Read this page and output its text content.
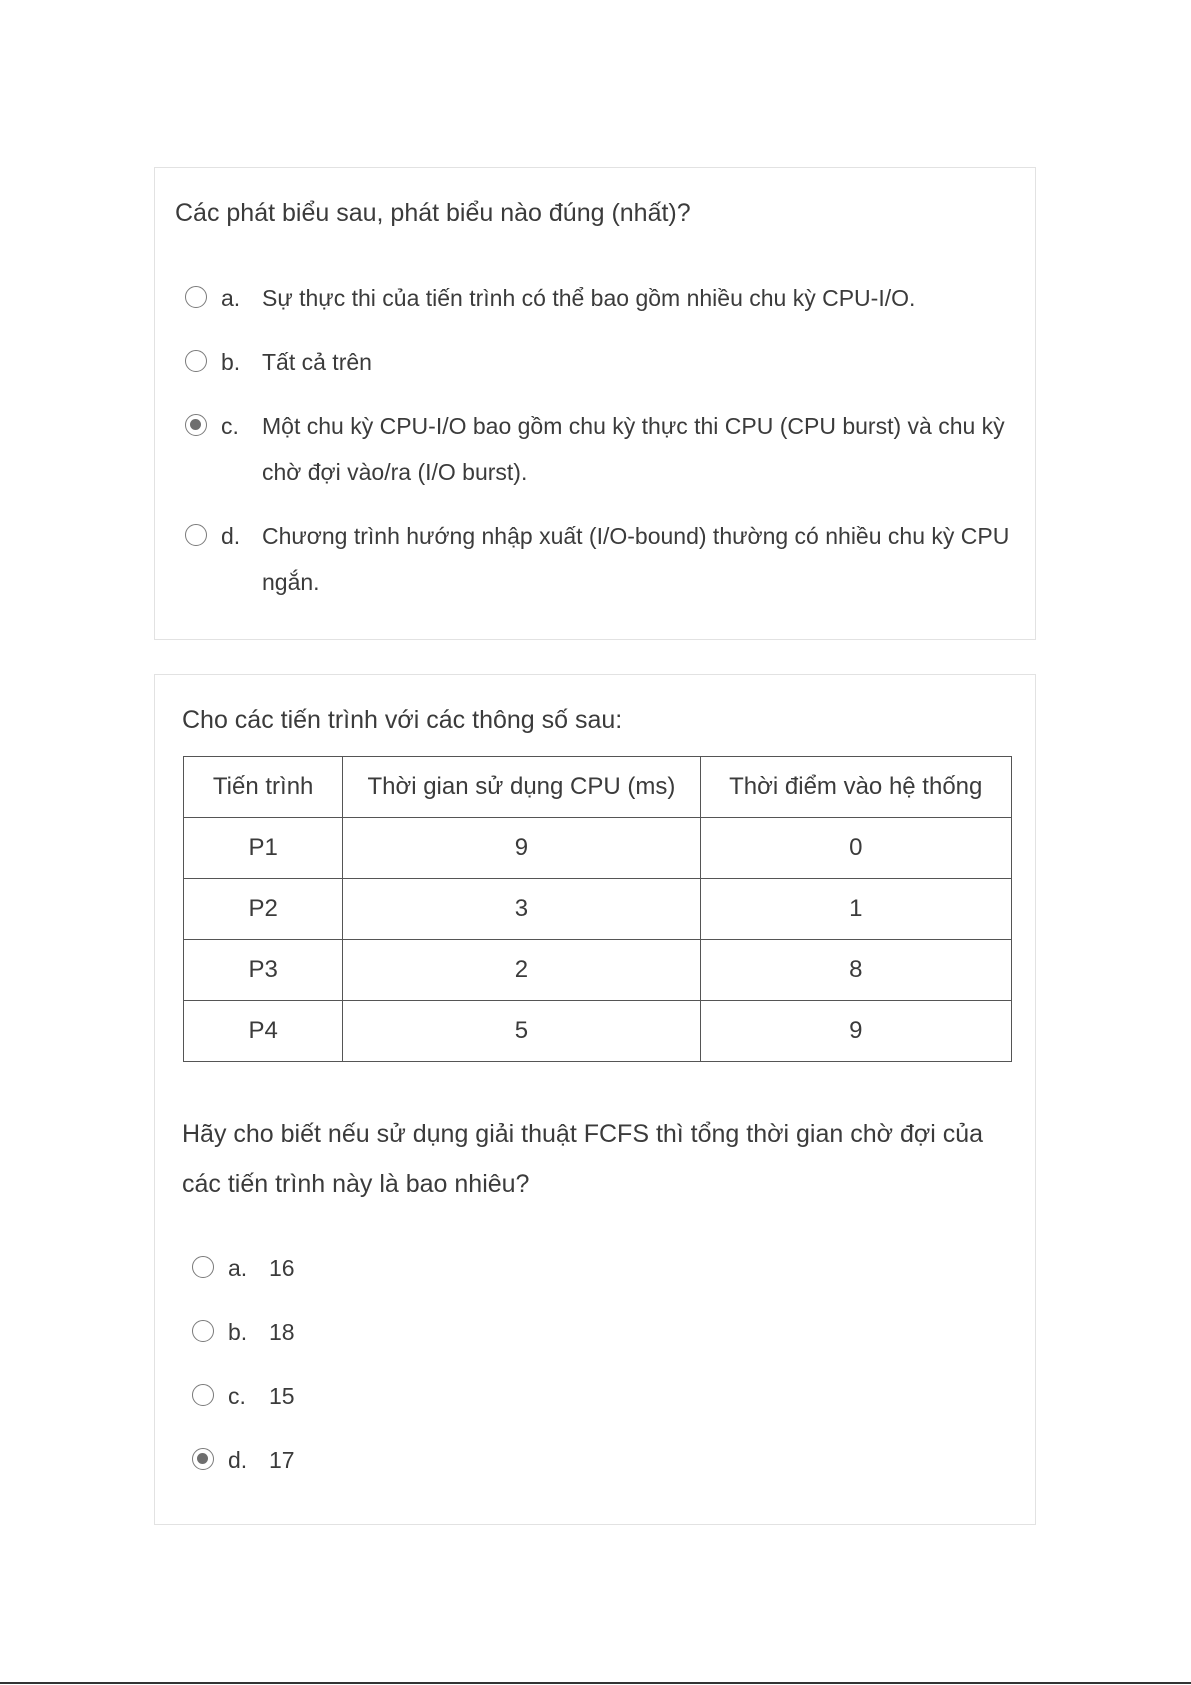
Các phát biểu sau, phát biểu nào đúng (nhất)?

a. Sự thực thi của tiến trình có thể bao gồm nhiều chu kỳ CPU-I/O.
b. Tất cả trên
c. Một chu kỳ CPU-I/O bao gồm chu kỳ thực thi CPU (CPU burst) và chu kỳ chờ đợi vào/ra (I/O burst).
d. Chương trình hướng nhập xuất (I/O-bound) thường có nhiều chu kỳ CPU ngắn.

Cho các tiến trình với các thông số sau:

Tiến trình	Thời gian sử dụng CPU (ms)	Thời điểm vào hệ thống
P1	9	0
P2	3	1
P3	2	8
P4	5	9

Hãy cho biết nếu sử dụng giải thuật FCFS thì tổng thời gian chờ đợi của các tiến trình này là bao nhiêu?

a. 16
b. 18
c. 15
d. 17
